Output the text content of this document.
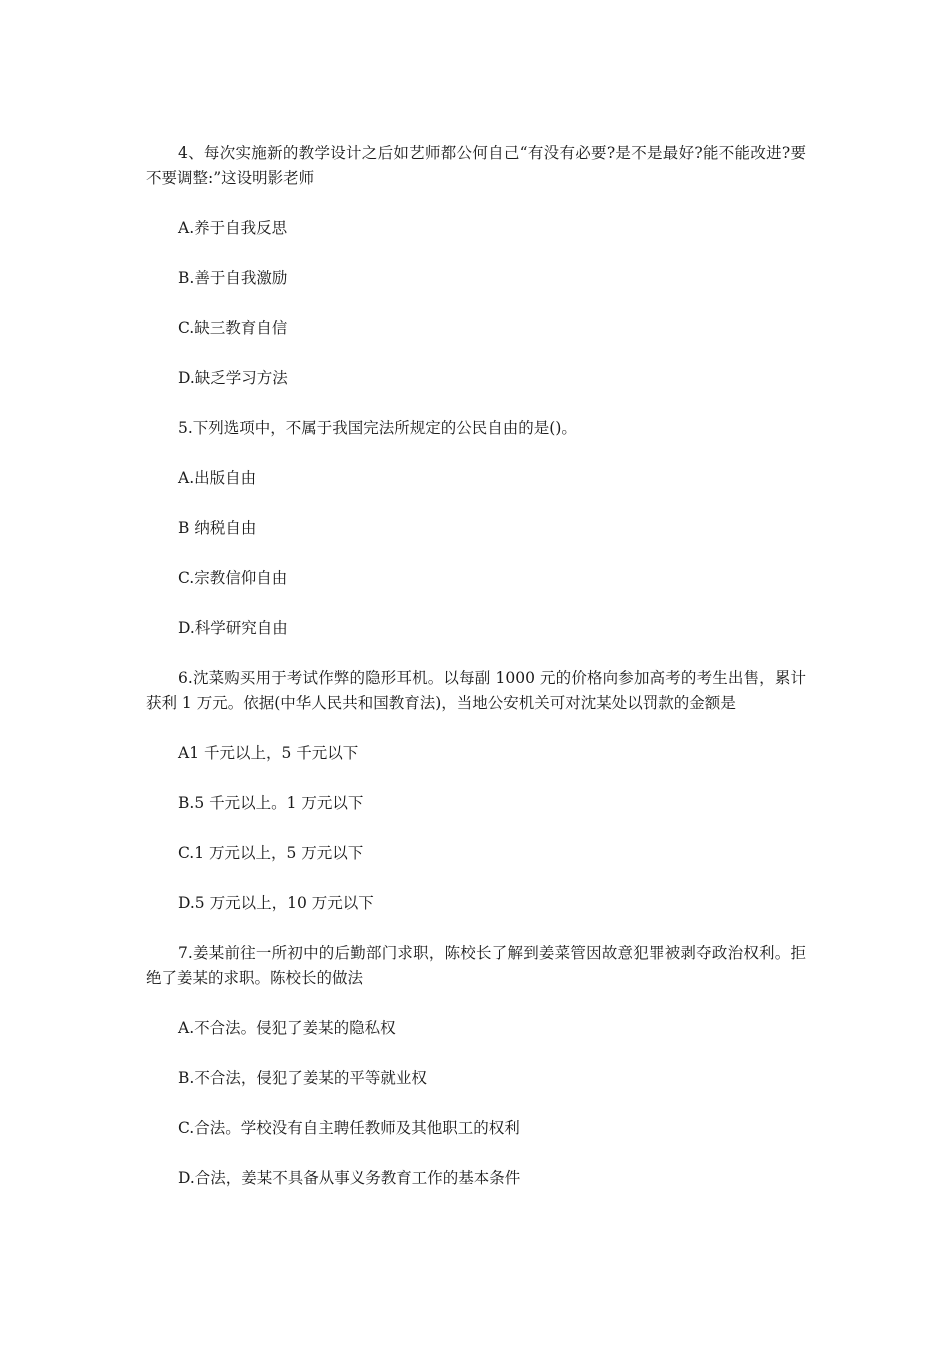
4、每次实施新的教学设计之后如艺师都公何自己“有没有必要?是不是最好?能不能改进?要不要调整:”这设明影老师

A.养于自我反思

B.善于自我激励

C.缺三教育自信

D.缺乏学习方法

5.下列选项中，不属于我国完法所规定的公民自由的是()。

A.出版自由

B 纳税自由

C.宗教信仰自由

D.科学研究自由

6.沈菜购买用于考试作弊的隐形耳机。以每副 1000 元的价格向参加高考的考生出售，累计获利 1 万元。依据(中华人民共和国教育法)，当地公安机关可对沈某处以罚款的金额是

A1 千元以上，5 千元以下

B.5 千元以上。1 万元以下

C.1 万元以上，5 万元以下

D.5 万元以上，10 万元以下

7.姜某前往一所初中的后勤部门求职，陈校长了解到姜菜管因故意犯罪被剥夺政治权利。拒绝了姜某的求职。陈校长的做法

A.不合法。侵犯了姜某的隐私权

B.不合法，侵犯了姜某的平等就业权

C.合法。学校没有自主聘任教师及其他职工的权利

D.合法，姜某不具备从事义务教育工作的基本条件
